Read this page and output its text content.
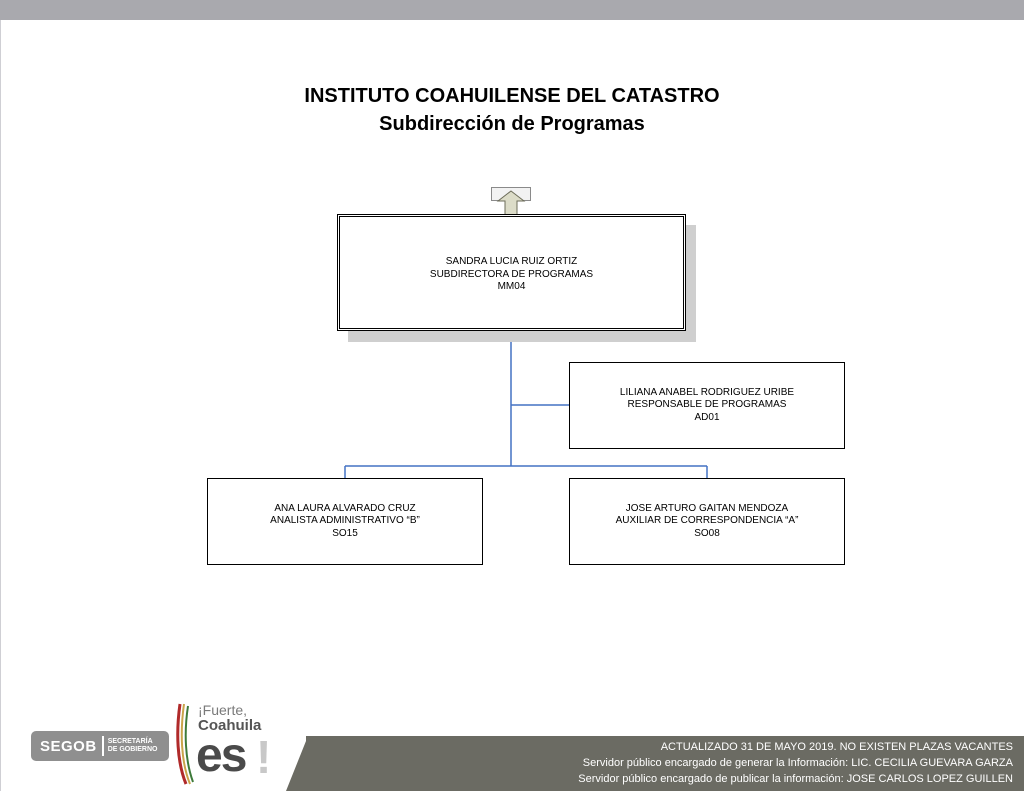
INSTITUTO COAHUILENSE DEL CATASTRO
Subdirección de Programas
SANDRA LUCIA RUIZ ORTIZ
SUBDIRECTORA DE PROGRAMAS
MM04
LILIANA ANABEL RODRIGUEZ URIBE
RESPONSABLE DE PROGRAMAS
AD01
ANA LAURA ALVARADO CRUZ
ANALISTA ADMINISTRATIVO “B”
SO15
JOSE ARTURO GAITAN MENDOZA
AUXILIAR DE CORRESPONDENCIA “A”
SO08
SEGOB SECRETARÍA
DE GOBIERNO
¡Fuerte,
Coahuila
es !	ACTUALIZADO 31 DE MAYO 2019. NO EXISTEN PLAZAS VACANTES
Servidor público encargado de generar la Información: LIC. CECILIA GUEVARA GARZA
Servidor público encargado de publicar la información: JOSE CARLOS LOPEZ GUILLEN
